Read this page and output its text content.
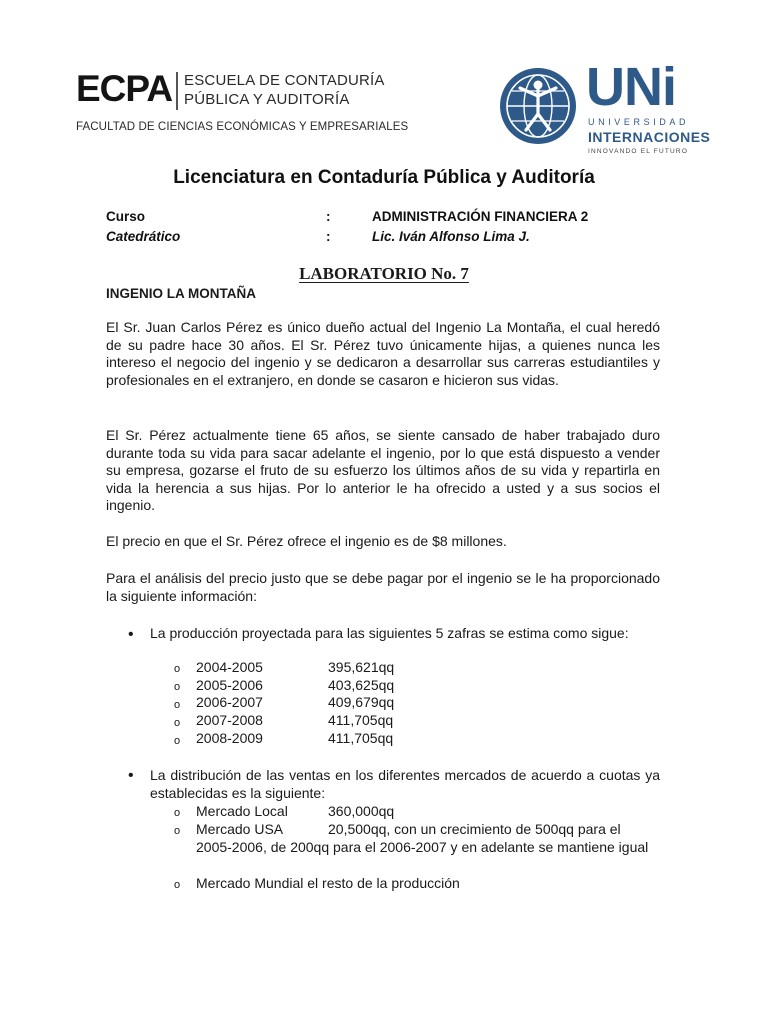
ECPA ESCUELA DE CONTADURÍA
PÚBLICA Y AUDITORÍA
FACULTAD DE CIENCIAS ECONÓMICAS Y EMPRESARIALES
UNi
UNIVERSIDAD
INTERNACIONES
INNOVANDO EL FUTURO
Licenciatura en Contaduría Pública y Auditoría
Curso	:	ADMINISTRACIÓN FINANCIERA 2
Catedrático	:	Lic. Iván Alfonso Lima J.
LABORATORIO No. 7
INGENIO LA MONTAÑA
El Sr. Juan Carlos Pérez es único dueño actual del Ingenio La Montaña, el cual heredó de su padre hace 30 años. El Sr. Pérez tuvo únicamente hijas, a quienes nunca les intereso el negocio del ingenio y se dedicaron a desarrollar sus carreras estudiantiles y profesionales en el extranjero, en donde se casaron e hicieron sus vidas.
El Sr. Pérez actualmente tiene 65 años, se siente cansado de haber trabajado duro durante toda su vida para sacar adelante el ingenio, por lo que está dispuesto a vender su empresa, gozarse el fruto de su esfuerzo los últimos años de su vida y repartirla en vida la herencia a sus hijas. Por lo anterior le ha ofrecido a usted y a sus socios el ingenio.
El precio en que el Sr. Pérez ofrece el ingenio es de $8 millones.
Para el análisis del precio justo que se debe pagar por el ingenio se le ha proporcionado la siguiente información:
• La producción proyectada para las siguientes 5 zafras se estima como sigue:
o 2004-2005	395,621qq
o 2005-2006	403,625qq
o 2006-2007	409,679qq
o 2007-2008	411,705qq
o 2008-2009	411,705qq
• La distribución de las ventas en los diferentes mercados de acuerdo a cuotas ya establecidas es la siguiente:
o Mercado Local	360,000qq
o Mercado USA	20,500qq, con un crecimiento de 500qq para el
2005-2006, de 200qq para el 2006-2007 y en adelante se mantiene igual
o Mercado Mundial el resto de la producción
